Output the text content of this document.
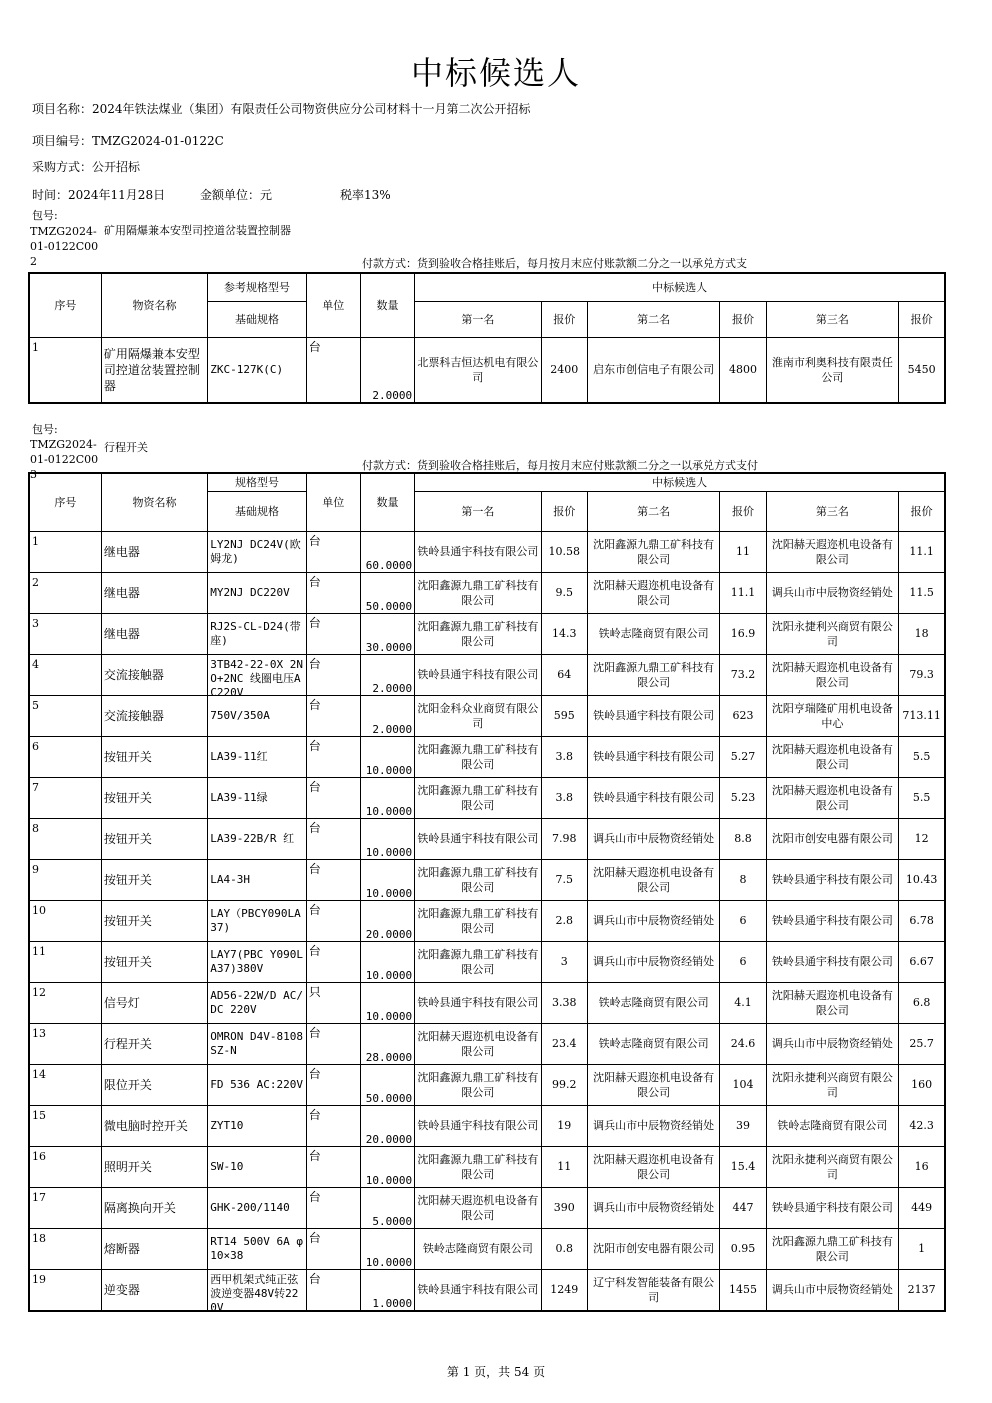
中标候选人
项目名称：2024年铁法煤业（集团）有限责任公司物资供应分公司材料十一月第二次公开招标
项目编号：TMZG2024-01-0122C
采购方式：公开招标
时间：2024年11月28日	金额单位：元	税率13%
包号:
TMZG2024-01-0122C002
矿用隔爆兼本安型司控道岔装置控制器
付款方式：货到验收合格挂账后，每月按月末应付账款额二分之一以承兑方式支
序号	物资名称	参考规格型号	单位	数量	中标候选人					
		基础规格			第一名	报价	第二名	报价	第三名	报价

1	矿用隔爆兼本安型司控道岔装置控制器	ZKC-127K(C)	台	2.0000	北票科吉恒达机电有限公司	2400	启东市创信电子有限公司	4800	淮南市利奥科技有限责任公司	5450
包号:
TMZG2024-01-0122C003
行程开关
付款方式：货到验收合格挂账后，每月按月末应付账款额二分之一以承兑方式支付
序号	物资名称	规格型号	单位	数量	中标候选人					
		基础规格			第一名	报价	第二名	报价	第三名	报价

1	继电器	LY2NJ DC24V(欧姆龙)	台	60.0000	铁岭县通宇科技有限公司	10.58	沈阳鑫源九鼎工矿科技有限公司	11	沈阳赫天遐迩机电设备有限公司	11.1

2	继电器	MY2NJ DC220V	台	50.0000	沈阳鑫源九鼎工矿科技有限公司	9.5	沈阳赫天遐迩机电设备有限公司	11.1	调兵山市中辰物资经销处	11.5

3	继电器	RJ2S-CL-D24(带座)	台	30.0000	沈阳鑫源九鼎工矿科技有限公司	14.3	铁岭志隆商贸有限公司	16.9	沈阳永捷利兴商贸有限公司	18

4	交流接触器	3TB42-22-0X 2NO+2NC 线圈电压AC220V	台	2.0000	铁岭县通宇科技有限公司	64	沈阳鑫源九鼎工矿科技有限公司	73.2	沈阳赫天遐迩机电设备有限公司	79.3

5	交流接触器	750V/350A	台	2.0000	沈阳金科众业商贸有限公司	595	铁岭县通宇科技有限公司	623	沈阳亨瑞隆矿用机电设备中心	713.11

6	按钮开关	LA39-11红	台	10.0000	沈阳鑫源九鼎工矿科技有限公司	3.8	铁岭县通宇科技有限公司	5.27	沈阳赫天遐迩机电设备有限公司	5.5

7	按钮开关	LA39-11绿	台	10.0000	沈阳鑫源九鼎工矿科技有限公司	3.8	铁岭县通宇科技有限公司	5.23	沈阳赫天遐迩机电设备有限公司	5.5

8	按钮开关	LA39-22B/R 红	台	10.0000	铁岭县通宇科技有限公司	7.98	调兵山市中辰物资经销处	8.8	沈阳市创安电器有限公司	12

9	按钮开关	LA4-3H	台	10.0000	沈阳鑫源九鼎工矿科技有限公司	7.5	沈阳赫天遐迩机电设备有限公司	8	铁岭县通宇科技有限公司	10.43

10	按钮开关	LAY（PBCY090LA37)	台	20.0000	沈阳鑫源九鼎工矿科技有限公司	2.8	调兵山市中辰物资经销处	6	铁岭县通宇科技有限公司	6.78

11	按钮开关	LAY7(PBC Y090LA37)380V	台	10.0000	沈阳鑫源九鼎工矿科技有限公司	3	调兵山市中辰物资经销处	6	铁岭县通宇科技有限公司	6.67

12	信号灯	AD56-22W/D AC/DC 220V	只	10.0000	铁岭县通宇科技有限公司	3.38	铁岭志隆商贸有限公司	4.1	沈阳赫天遐迩机电设备有限公司	6.8

13	行程开关	OMRON D4V-8108SZ-N	台	28.0000	沈阳赫天遐迩机电设备有限公司	23.4	铁岭志隆商贸有限公司	24.6	调兵山市中辰物资经销处	25.7

14	限位开关	FD 536 AC:220V	台	50.0000	沈阳鑫源九鼎工矿科技有限公司	99.2	沈阳赫天遐迩机电设备有限公司	104	沈阳永捷利兴商贸有限公司	160

15	微电脑时控开关	ZYT10	台	20.0000	铁岭县通宇科技有限公司	19	调兵山市中辰物资经销处	39	铁岭志隆商贸有限公司	42.3

16	照明开关	SW-10	台	10.0000	沈阳鑫源九鼎工矿科技有限公司	11	沈阳赫天遐迩机电设备有限公司	15.4	沈阳永捷利兴商贸有限公司	16

17	隔离换向开关	GHK-200/1140	台	5.0000	沈阳赫天遐迩机电设备有限公司	390	调兵山市中辰物资经销处	447	铁岭县通宇科技有限公司	449

18	熔断器	RT14 500V 6A φ10×38	台	10.0000	铁岭志隆商贸有限公司	0.8	沈阳市创安电器有限公司	0.95	沈阳鑫源九鼎工矿科技有限公司	1

19	逆变器	西甲机架式纯正弦波逆变器48V转220V	台	1.0000	铁岭县通宇科技有限公司	1249	辽宁科发智能装备有限公司	1455	调兵山市中辰物资经销处	2137
第 1 页，共 54 页
